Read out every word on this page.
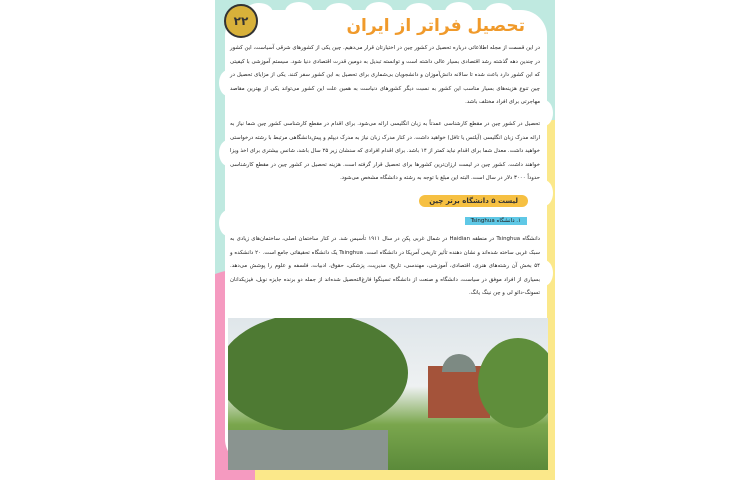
۲۲	تحصیل فراتر از ایران
در این قسمت از مجله اطلاعاتی درباره تحصیل در کشور چین در اختیارتان قرار می‌دهیم. چین یکی از کشورهای شرقی آسیاست، این کشور در چندین دهه گذشته رشد اقتصادی بسیار عالی داشته است و توانسته تبدیل به دومین قدرت اقتصادی دنیا شود. سیستم آموزشی با کیفیتی که این کشور دارد باعث شده تا سالانه دانش‌آموزان و دانشجویان بی‌شماری برای تحصیل به این کشور سفر کنند. یکی از مزایای تحصیل در چین تنوع هزینه‌های بسیار مناسب این کشور به نسبت دیگر کشورهای دنیاست به همین علت این کشور می‌تواند یکی از بهترین مقاصد مهاجرتی برای افراد مختلف باشد.
تحصیل در کشور چین در مقطع کارشناسی عمدتاً به زبان انگلیسی ارائه می‌شود. برای اقدام در مقطع کارشناسی کشور چین شما نیاز به ارائه مدرک زبان انگلیسی (آیلتس یا تافل) خواهید داشت. در کنار مدرک زبان نیاز به مدرک دیپلم و پیش‌دانشگاهی مرتبط با رشته درخواستی خواهید داشت. معدل شما برای اقدام نباید کمتر از ۱۴ باشد. برای اقدام افرادی که سنشان زیر ۲۵ سال باشد، شانس بیشتری برای اخذ ویزا خواهند داشت. کشور چین در لیست ارزان‌ترین کشورها برای تحصیل قرار گرفته است. هزینه تحصیل در کشور چین در مقطع کارشناسی حدوداً ۳۰۰۰ دلار در سال است. البته این مبلغ با توجه به رشته و دانشگاه مشخص می‌شود.
لیست ۵ دانشگاه برتر چین
۱. دانشگاه Tsinghua
دانشگاه Tsinghua در منطقه Haidian در شمال غربی پکن در سال ۱۹۱۱ تأسیس شد. در کنار ساختمان اصلی، ساختمان‌های زیادی به سبک غربی ساخته شده‌اند و نشان دهنده تأثیر تاریخی آمریکا در دانشگاه است. Tsinghua یک دانشگاه تحقیقاتی جامع است. ۲۰ دانشکده و ۵۴ بخش آن رشته‌های هنری، اقتصادی، آموزشی، مهندسی، تاریخ، مدیریت، پزشکی، حقوق، ادبیات، فلسفه و علوم را پوشش می‌دهد. بسیاری از افراد موفق در سیاست، دانشگاه و صنعت از دانشگاه تسینگوا فارغ‌التحصیل شده‌اند از جمله دو برنده جایزه نوبل، فیزیکدانان تسونگ-دائو لی و چن نینگ یانگ.
